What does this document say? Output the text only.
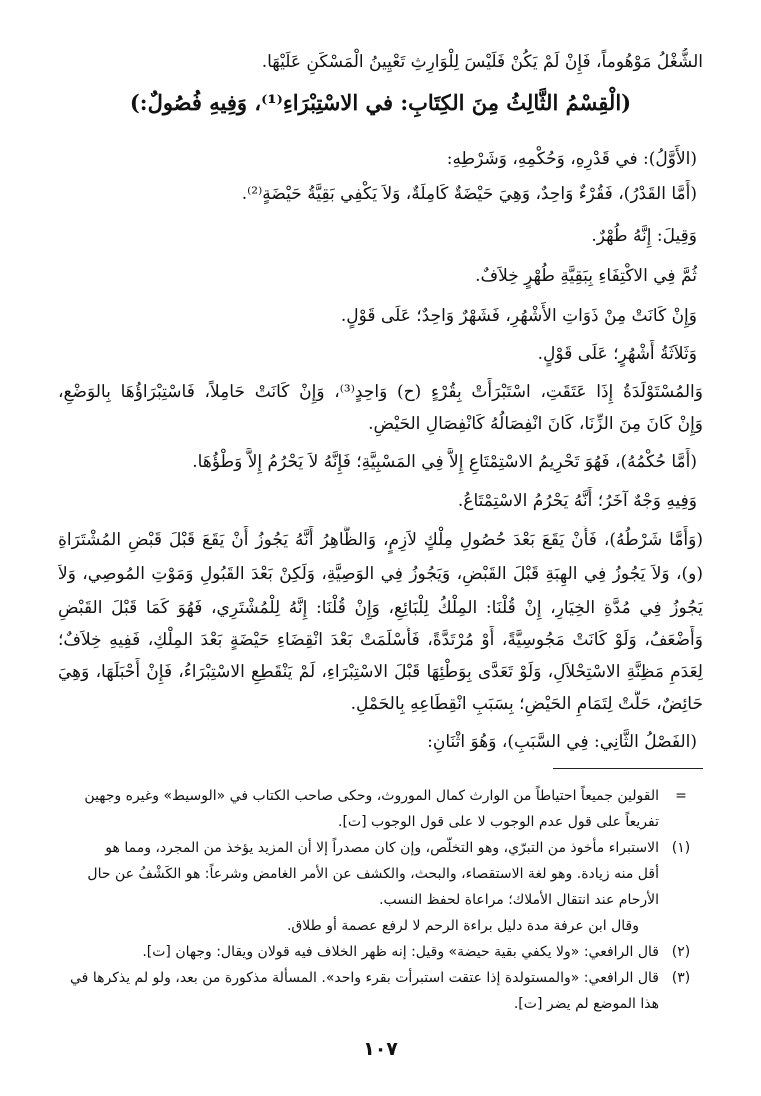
الشُّغْلُ مَوْهُوماً، فَإِنْ لَمْ يَكُنْ فَلَيْسَ لِلْوَارِثِ تَعْيِينُ الْمَسْكَنِ عَلَيْهَا.
(الْقِسْمُ الثَّالِثُ مِنَ الكِتَابِ: في الاسْتِبْرَاءِ⁽¹⁾، وَفِيهِ فُصُولٌ:)
(الأَوَّلُ): في قَدْرِهِ، وَحُكْمِهِ، وَشَرْطِهِ:
(أَمَّا القَدْرُ)، فَقُرْءٌ وَاحِدٌ، وَهِيَ حَيْضَةٌ كَامِلَةٌ، وَلاَ يَكْفِي بَقِيَّةُ حَيْضَةٍ⁽²⁾.
وَقِيلَ: إِنَّهُ طُهْرٌ.
ثُمَّ فِي الاكْتِفَاءِ بِبَقِيَّةِ طُهْرٍ خِلاَفٌ.
وَإِنْ كَانَتْ مِنْ ذَوَاتِ الأَشْهُرِ، فَشَهْرٌ وَاحِدٌ؛ عَلَى قَوْلٍ.
وَثَلاَثَةُ أَشْهُرٍ؛ عَلَى قَوْلٍ.
وَالمُسْتَوْلَدَةُ إِذَا عَتَقَتِ، اسْتَبْرَأَتْ بِقُرْءٍ (ح) وَاحِدٍ⁽³⁾، وَإِنْ كَانَتْ حَامِلاً، فَاسْتِبْرَاؤُهَا بِالوَضْعِ،
وَإِنْ كَانَ مِنَ الزِّنَا، كَانَ انْفِصَالُهُ كَانْفِصَالِ الحَيْضِ.
(أَمَّا حُكْمُهُ)، فَهُوَ تَحْرِيمُ الاسْتِمْتَاعِ إِلاَّ فِي المَسْبِيَّةِ؛ فَإِنَّهُ لاَ يَحْرُمُ إِلاَّ وَطْؤُهَا.
وَفِيهِ وَجْهٌ آخَرُ؛ أَنَّهُ يَحْرُمُ الاسْتِمْتَاعُ.
(وَأَمَّا شَرْطُهُ)، فَأَنْ يَقَعَ بَعْدَ حُصُولِ مِلْكٍ لاَزِمٍ، وَالظَّاهِرُ أَنَّهُ يَجُوزُ أَنْ يَقَعَ قَبْلَ قَبْضِ المُشْتَرَاةِ
(و)، وَلاَ يَجُوزُ فِي الهِبَةِ قَبْلَ القَبْضِ، وَيَجُوزُ فِي الوَصِيَّةِ، وَلَكِنْ بَعْدَ القَبُولِ وَمَوْتِ المُوصِي، وَلاَ
يَجُوزُ فِي مُدَّةِ الخِيَارِ، إِنْ قُلْنَا: المِلْكُ لِلْبَائِعِ، وَإِنْ قُلْنَا: إِنَّهُ لِلْمُشْتَرِي، فَهُوَ كَمَا قَبْلَ القَبْضِ
وَأَضْعَفُ، وَلَوْ كَانَتْ مَجُوسِيَّةً، أَوْ مُرْتَدَّةً، فَأَسْلَمَتْ بَعْدَ انْقِضَاءِ حَيْضَةٍ بَعْدَ المِلْكِ، فَفِيهِ خِلاَفٌ؛
لِعَدَمِ مَظِنَّةِ الاسْتِحْلاَلِ، وَلَوْ تَعَدَّى بِوَطْئِهَا قَبْلَ الاسْتِبْرَاءِ، لَمْ يَنْقَطِعِ الاسْتِبْرَاءُ، فَإِنْ أَحْبَلَهَا، وَهِيَ
حَائِضٌ، حَلَّتْ لِتَمَامِ الحَيْضِ؛ بِسَبَبِ انْقِطَاعِهِ بِالحَمْلِ.
(الفَصْلُ الثَّانِي: فِي السَّبَبِ)، وَهُوَ اثْنَانِ:
=القولين جميعاً احتياطاً من الوارث كمال الموروث، وحكى صاحب الكتاب في «الوسيط» وغيره وجهين
تفريعاً على قول عدم الوجوب لا على قول الوجوب [ت].
(١)الاستبراء مأخوذ من التبرّي، وهو التخلّص، وإن كان مصدراً إلا أن المزيد يؤخذ من المجرد، ومما هو
أقل منه زيادة. وهو لغة الاستقصاء، والبحث، والكشف عن الأمر الغامض وشرعاً: هو الكَشْفُ عن حال
الأرحام عند انتقال الأملاك؛ مراعاة لحفظ النسب.
وقال ابن عرفة مدة دليل براءة الرحم لا لرفع عصمة أو طلاق.
(٢)قال الرافعي: «ولا يكفي بقية حيضة» وقيل: إنه ظهر الخلاف فيه قولان ويقال: وجهان [ت].
(٣)قال الرافعي: «والمستولدة إذا عتقت استبرأت بقرء واحد». المسألة مذكورة من بعد، ولو لم يذكرها في
هذا الموضع لم يضر [ت].
١٠٧
